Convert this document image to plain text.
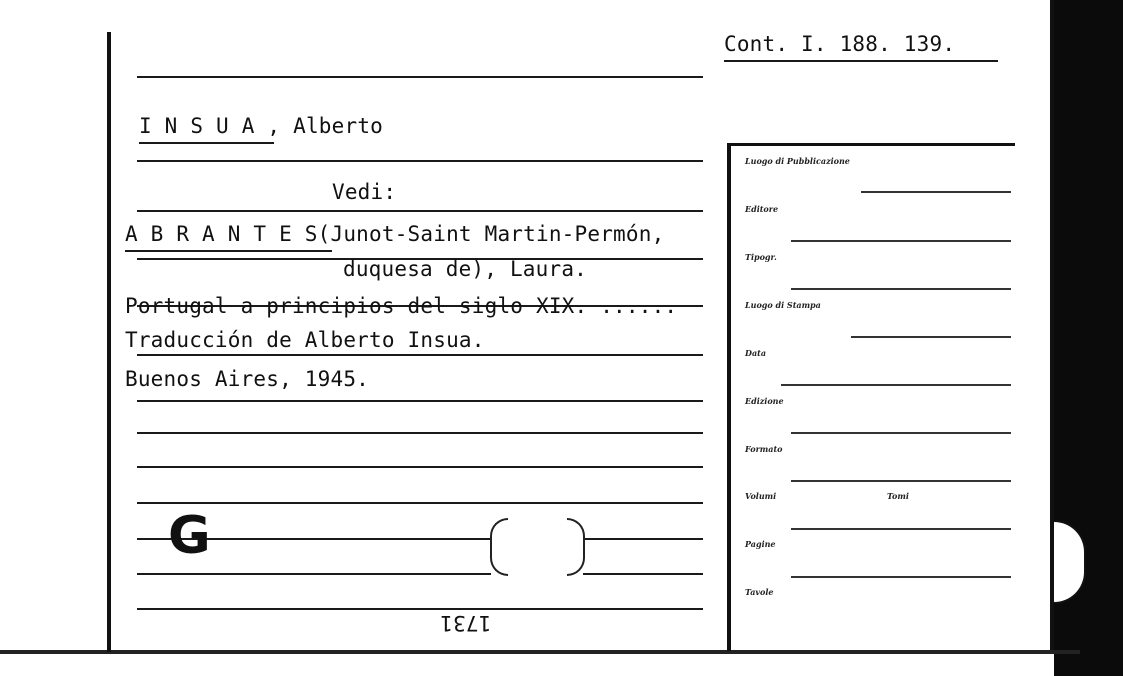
Cont. I. 188. 139.
I N S U A , Alberto
Vedi:
A B R A N T E S(Junot-Saint Martin-Permón,
duquesa de), Laura.
Portugal a principios del siglo XIX. ......
Traducción de Alberto Insua.
Buenos Aires, 1945.
G
1731
Luogo di Pubblicazione
Editore
Tipogr.
Luogo di Stampa
Data
Edizione
Formato
Volumi	Tomi
Pagine
Tavole
